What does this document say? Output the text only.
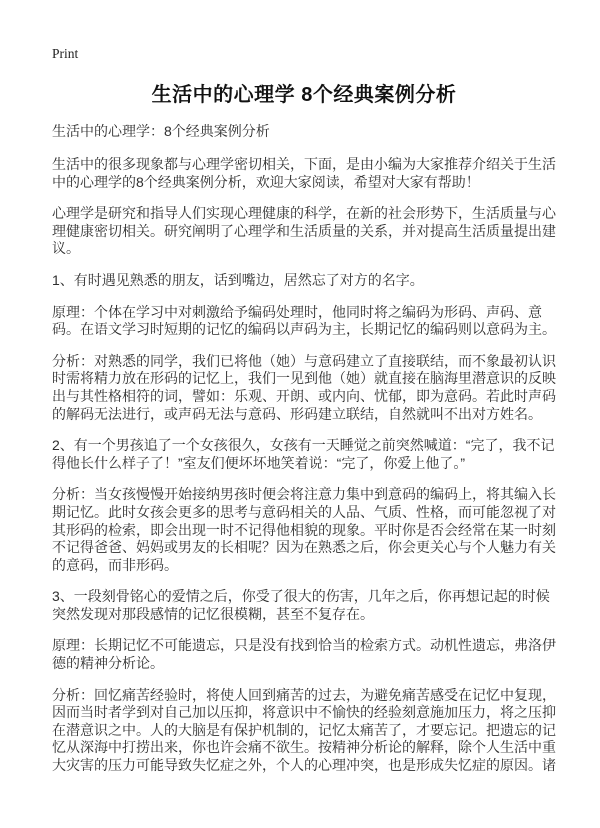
Print
生活中的心理学 8个经典案例分析
生活中的心理学：8个经典案例分析

生活中的很多现象都与心理学密切相关，下面，是由小编为大家推荐介绍关于生活中的心理学的8个经典案例分析，欢迎大家阅读，希望对大家有帮助！

心理学是研究和指导人们实现心理健康的科学，在新的社会形势下，生活质量与心理健康密切相关。研究阐明了心理学和生活质量的关系，并对提高生活质量提出建议。

1、有时遇见熟悉的朋友，话到嘴边，居然忘了对方的名字。

原理：个体在学习中对刺激给予编码处理时，他同时将之编码为形码、声码、意码。在语文学习时短期的记忆的编码以声码为主，长期记忆的编码则以意码为主。

分析：对熟悉的同学，我们已将他（她）与意码建立了直接联结，而不象最初认识时需将精力放在形码的记忆上，我们一见到他（她）就直接在脑海里潜意识的反映出与其性格相符的词，譬如：乐观、开朗、或内向、忧郁，即为意码。若此时声码的解码无法进行，或声码无法与意码、形码建立联结，自然就叫不出对方姓名。

2、有一个男孩追了一个女孩很久，女孩有一天睡觉之前突然喊道：“完了，我不记得他长什么样子了！”室友们便坏坏地笑着说：“完了，你爱上他了。”

分析：当女孩慢慢开始接纳男孩时便会将注意力集中到意码的编码上，将其编入长期记忆。此时女孩会更多的思考与意码相关的人品、气质、性格，而可能忽视了对其形码的检索，即会出现一时不记得他相貌的现象。平时你是否会经常在某一时刻不记得爸爸、妈妈或男友的长相呢？因为在熟悉之后，你会更关心与个人魅力有关的意码，而非形码。

3、一段刻骨铭心的爱情之后，你受了很大的伤害，几年之后，你再想记起的时候突然发现对那段感情的记忆很模糊，甚至不复存在。

原理：长期记忆不可能遗忘，只是没有找到恰当的检索方式。动机性遗忘，弗洛伊德的精神分析论。

分析：回忆痛苦经验时，将使人回到痛苦的过去，为避免痛苦感受在记忆中复现，因而当时者学到对自己加以压抑，将意识中不愉快的经验刻意施加压力，将之压抑在潜意识之中。人的大脑是有保护机制的，记忆太痛苦了，才要忘记。把遗忘的记忆从深海中打捞出来，你也许会痛不欲生。按精神分析论的解释，除个人生活中重大灾害的压力可能导致失忆症之外，个人的心理冲突，也是形成失忆症的原因。诸
